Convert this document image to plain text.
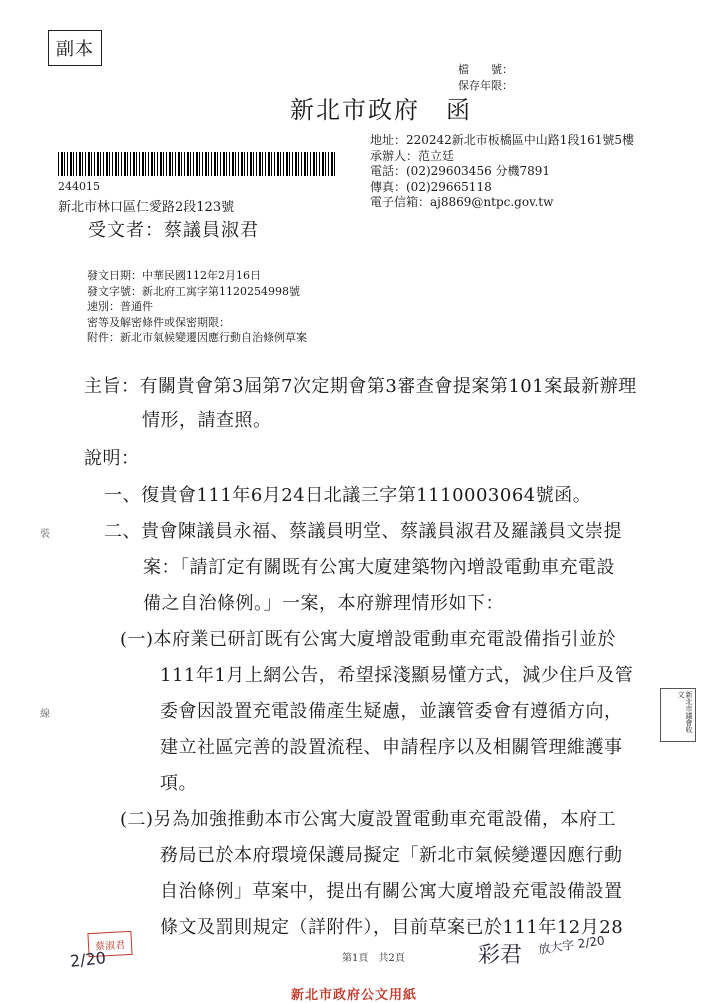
副本
檔　　號：
保存年限：
新北市政府　函
244015
新北市林口區仁愛路2段123號
受文者：蔡議員淑君
地址：220242新北市板橋區中山路1段161號5樓
承辦人：范立廷
電話：(02)29603456 分機7891
傳真：(02)29665118
電子信箱：aj8869@ntpc.gov.tw
發文日期：中華民國112年2月16日
發文字號：新北府工寓字第1120254998號
速別：普通件
密等及解密條件或保密期限：
附件：新北市氣候變遷因應行動自治條例草案
主旨：有關貴會第3屆第7次定期會第3審查會提案第101案最新辦理
情形，請查照。
說明：
一、復貴會111年6月24日北議三字第1110003064號函。
二、貴會陳議員永福、蔡議員明堂、蔡議員淑君及羅議員文崇提
案：「請訂定有關既有公寓大廈建築物內增設電動車充電設
備之自治條例。」一案，本府辦理情形如下：
(一)本府業已研訂既有公寓大廈增設電動車充電設備指引並於
111年1月上網公告，希望採淺顯易懂方式，減少住戶及管
委會因設置充電設備產生疑慮，並讓管委會有遵循方向，
建立社區完善的設置流程、申請程序以及相關管理維護事
項。
(二)另為加強推動本市公寓大廈設置電動車充電設備，本府工
務局已於本府環境保護局擬定「新北市氣候變遷因應行動
自治條例」草案中，提出有關公寓大廈增設充電設備設置
條文及罰則規定（詳附件），目前草案已於111年12月28
裝
線	新北市議會收文
蔡淑君
2/20	彩君 放大字 2/20
第1頁　共2頁
新北市政府公文用紙
